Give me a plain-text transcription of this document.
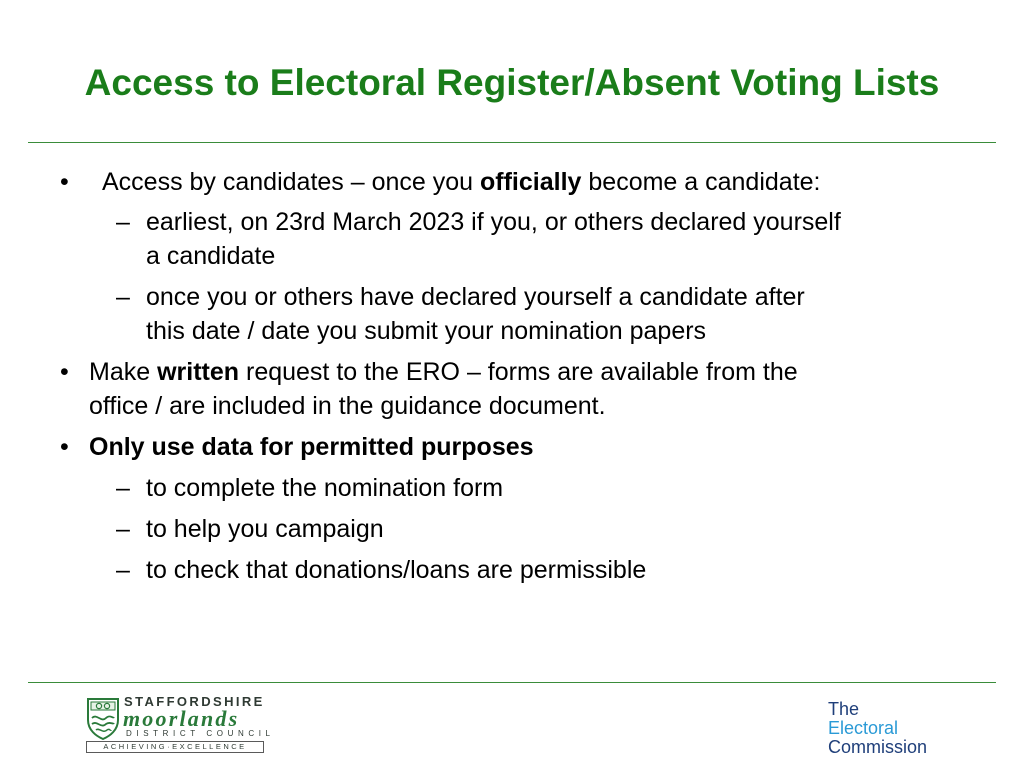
Access to Electoral Register/Absent Voting Lists
• Access by candidates – once you officially become a candidate:
– earliest, on 23rd March 2023 if you, or others declared yourself
a candidate
– once you or others have declared yourself a candidate after
this date / date you submit your nomination papers
• Make written request to the ERO – forms are available from the
office / are included in the guidance document.
• Only use data for permitted purposes
– to complete the nomination form
– to help you campaign
– to check that donations/loans are permissible
STAFFORDSHIRE
moorlands
DISTRICT COUNCIL
ACHIEVING·EXCELLENCE
The
Electoral
Commission
